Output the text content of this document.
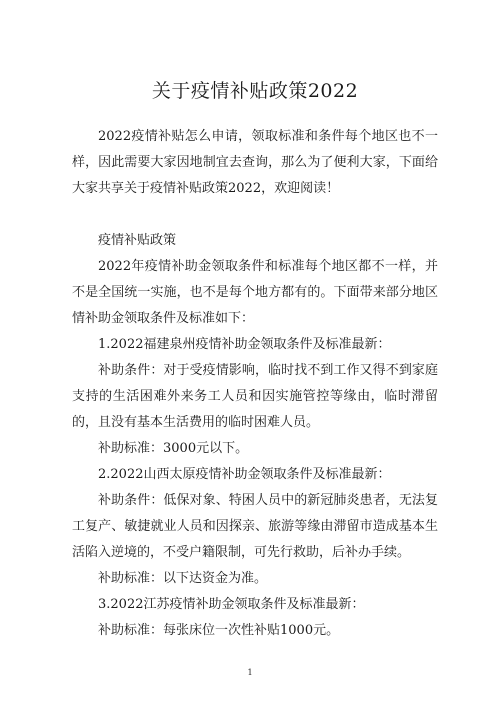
关于疫情补贴政策2022

2022疫情补贴怎么申请，领取标准和条件每个地区也不一样，因此需要大家因地制宜去查询，那么为了便利大家，下面给大家共享关于疫情补贴政策2022，欢迎阅读！

疫情补贴政策

2022年疫情补助金领取条件和标准每个地区都不一样，并不是全国统一实施，也不是每个地方都有的。下面带来部分地区情补助金领取条件及标准如下：

1.2022福建泉州疫情补助金领取条件及标准最新：

补助条件：对于受疫情影响，临时找不到工作又得不到家庭支持的生活困难外来务工人员和因实施管控等缘由，临时滞留的，且没有基本生活费用的临时困难人员。

补助标准：3000元以下。

2.2022山西太原疫情补助金领取条件及标准最新：

补助条件：低保对象、特困人员中的新冠肺炎患者，无法复工复产、敏捷就业人员和因探亲、旅游等缘由滞留市造成基本生活陷入逆境的，不受户籍限制，可先行救助，后补办手续。

补助标准：以下达资金为准。

3.2022江苏疫情补助金领取条件及标准最新：

补助标准：每张床位一次性补贴1000元。

1
